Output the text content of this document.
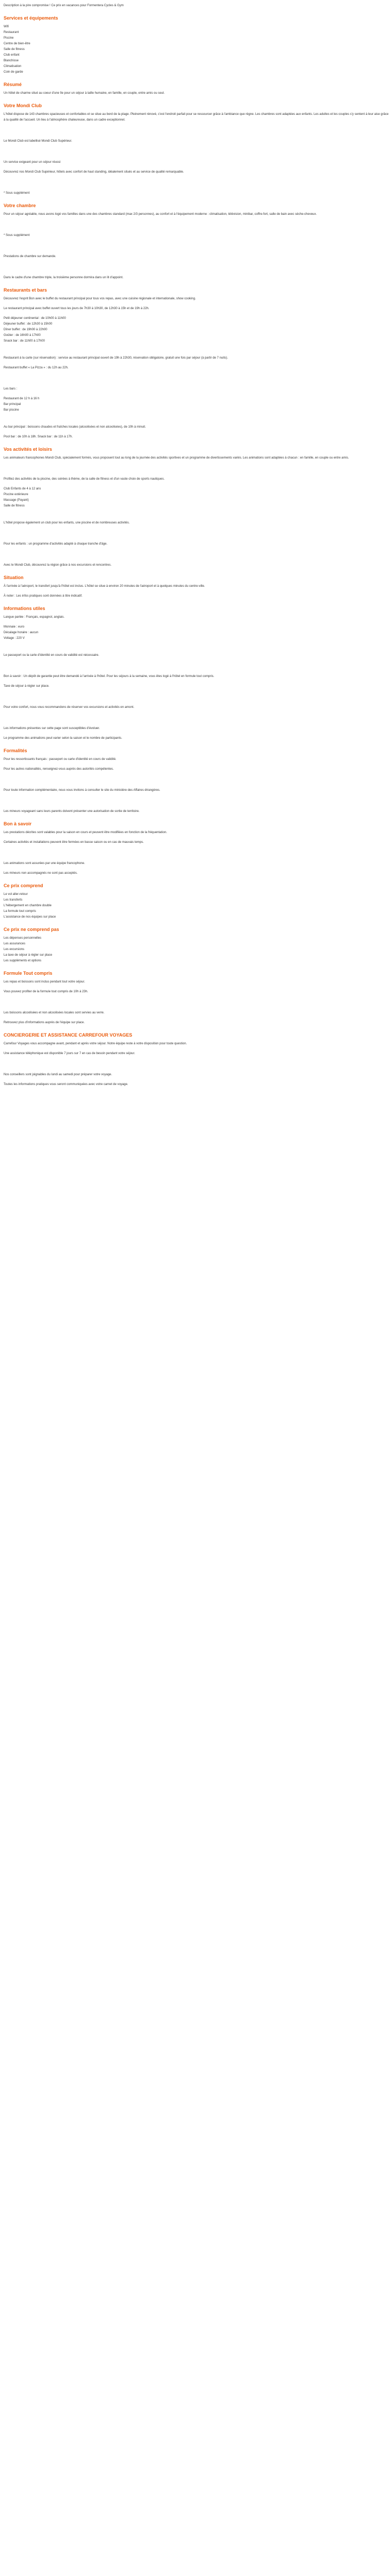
Description à la pire compromise ! Ce prix en vacances pour Formentera Cycles & Gym
Services et équipements
Wifi
Restaurant
Piscine
Centre de bien-être
Salle de fitness
Club enfant
Blanchisse
Climatisation
Coin de garde
Résumé

Un hôtel de charme situé au coeur d'une île pour un séjour à taille humaine, en famille, en couple, entre amis ou seul.

Votre Mondi Club

L'hôtel dispose de 143 chambres spacieuses et confortables et se situe au bord de la plage. Pleinement rénové, c'est l'endroit parfait pour se ressourcer grâce à l'ambiance que règne. Les chambres sont adaptées aux enfants. Les adultes et les couples s'y sentent à leur aise grâce à la qualité de l'accueil. Un lieu à l'atmosphère chaleureuse, dans un cadre exceptionnel.

Le Mondi Club est labellisé Mondi Club Supérieur.

Un service exigeant pour un séjour réussi

Découvrez nos Mondi Club Supérieur, hôtels avec confort de haut standing, idéalement situés et au service de qualité remarquable.

* Sous supplément

Votre chambre

Pour un séjour agréable, nous avons logé vos familles dans une des chambres standard (max 2/3 personnes), au confort et à l'équipement moderne : climatisation, télévision, minibar, coffre-fort, salle de bain avec sèche-cheveux.

* Sous supplément

Prestations de chambre sur demande.

Dans le cadre d'une chambre triple, la troisième personne dormira dans un lit d'appoint.

Restaurants et bars

Découvrez l'esprit Bon avec le buffet du restaurant principal pour tous vos repas, avec une cuisine régionale et internationale, show cooking.

Le restaurant principal avec buffet ouvert tous les jours de 7h30 à 10h30, de 12h30 à 15h et de 19h à 22h.

Petit déjeuner continental : de 10h00 à 11h00
Déjeuner buffet : de 12h30 à 15h00
Dîner buffet : de 19h00 à 22h00
Goûter : de 16h00 à 17h00
Snack bar : de 11h00 à 17h00

Restaurant à la carte (sur réservation) : service au restaurant principal ouvert de 19h à 22h30, réservation obligatoire, gratuit une fois par séjour (à partir de 7 nuits).

Restaurant buffet « La Pizza » : du 12h au 22h.

Les bars :

Restaurant de 12 h à 16 h
Bar principal
Bar piscine

Au bar principal : boissons chaudes et fraîches locales (alcoolisées et non alcoolisées), de 10h à minuit.

Pool bar : de 10h à 18h. Snack bar : de 11h à 17h.

Vos activités et loisirs

Les animateurs francophones Mondi Club, spécialement formés, vous proposent tout au long de la journée des activités sportives et un programme de divertissements variés. Les animations sont adaptées à chacun : en famille, en couple ou entre amis.

Profitez des activités de la piscine, des soirées à thème, de la salle de fitness et d'un vaste choix de sports nautiques.

Club Enfants de 4 à 12 ans
Piscine extérieure
Massage (Payant)
Salle de fitness

L'hôtel propose également un club pour les enfants, une piscine et de nombreuses activités.

Pour les enfants : un programme d'activités adapté à chaque tranche d'âge.

Avec le Mondi Club, découvrez la région grâce à nos excursions et rencontres.

Situation

À l'arrivée à l'aéroport, le transfert jusqu'à l'hôtel est inclus. L'hôtel se situe à environ 20 minutes de l'aéroport et à quelques minutes du centre-ville.

À noter : Les infos pratiques sont données à titre indicatif.

Informations utiles

Langue parlée : Français, espagnol, anglais.

Monnaie : euro
Décalage horaire : aucun
Voltage : 220 V

Le passeport ou la carte d'identité en cours de validité est nécessaire.

Bon à savoir : Un dépôt de garantie peut être demandé à l'arrivée à l'hôtel. Pour les séjours à la semaine, vous êtes logé à l'hôtel en formule tout compris.

Taxe de séjour à régler sur place.

Pour votre confort, nous vous recommandons de réserver vos excursions et activités en amont.

Les informations présentes sur cette page sont susceptibles d'évoluer.

Le programme des animations peut varier selon la saison et le nombre de participants.

Formalités

Pour les ressortissants français : passeport ou carte d'identité en cours de validité.

Pour les autres nationalités, renseignez-vous auprès des autorités compétentes.

Pour toute information complémentaire, nous vous invitons à consulter le site du ministère des Affaires étrangères.

Les mineurs voyageant sans leurs parents doivent présenter une autorisation de sortie de territoire.

Bon à savoir

Les prestations décrites sont valables pour la saison en cours et peuvent être modifiées en fonction de la fréquentation.

Certaines activités et installations peuvent être fermées en basse saison ou en cas de mauvais temps.

Les animations sont assurées par une équipe francophone.

Les mineurs non accompagnés ne sont pas acceptés.

Ce prix comprend
Le vol aller-retour
Les transferts
L'hébergement en chambre double
La formule tout compris
L'assistance de nos équipes sur place
Ce prix ne comprend pas
Les dépenses personnelles
Les assurances
Les excursions
La taxe de séjour à régler sur place
Les suppléments et options
Formule Tout compris

Les repas et boissons sont inclus pendant tout votre séjour.

Vous pouvez profiter de la formule tout compris de 10h à 23h.

Les boissons alcoolisées et non alcoolisées locales sont servies au verre.

Retrouvez plus d'informations auprès de l'équipe sur place.

CONCIERGERIE ET ASSISTANCE CARREFOUR VOYAGES

Carrefour Voyages vous accompagne avant, pendant et après votre séjour. Notre équipe reste à votre disposition pour toute question.

Une assistance téléphonique est disponible 7 jours sur 7 en cas de besoin pendant votre séjour.

Nos conseillers sont joignables du lundi au samedi pour préparer votre voyage.

Toutes les informations pratiques vous seront communiquées avec votre carnet de voyage.
